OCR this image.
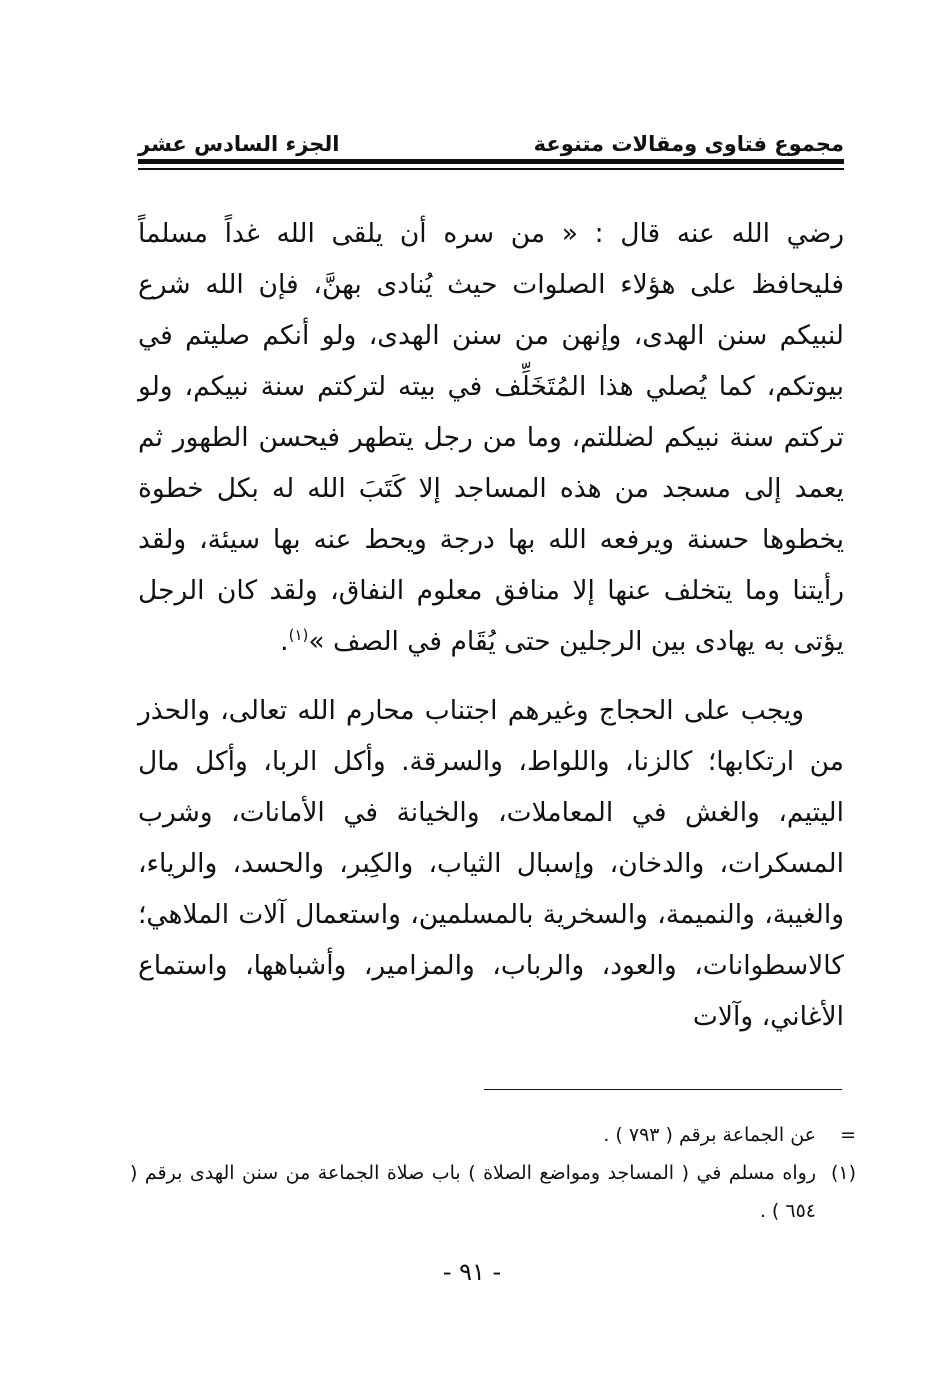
الجزء السادس عشر	مجموع فتاوى ومقالات متنوعة

رضي الله عنه قال : « من سره أن يلقى الله غداً مسلماً فليحافظ على هؤلاء الصلوات حيث يُنادى بهنَّ، فإن الله شرع لنبيكم سنن الهدى، وإنهن من سنن الهدى، ولو أنكم صليتم في بيوتكم، كما يُصلي هذا المُتَخَلِّف في بيته لتركتم سنة نبيكم، ولو تركتم سنة نبيكم لضللتم، وما من رجل يتطهر فيحسن الطهور ثم يعمد إلى مسجد من هذه المساجد إلا كَتَبَ الله له بكل خطوة يخطوها حسنة ويرفعه الله بها درجة ويحط عنه بها سيئة، ولقد رأيتنا وما يتخلف عنها إلا منافق معلوم النفاق، ولقد كان الرجل يؤتى به يهادى بين الرجلين حتى يُقَام في الصف »$^{(١)}$.

ويجب على الحجاج وغيرهم اجتناب محارم الله تعالى، والحذر من ارتكابها؛ كالزنا، واللواط، والسرقة. وأكل الربا، وأكل مال اليتيم، والغش في المعاملات، والخيانة في الأمانات، وشرب المسكرات، والدخان، وإسبال الثياب، والكِبر، والحسد، والرياء، والغيبة، والنميمة، والسخرية بالمسلمين، واستعمال آلات الملاهي؛ كالاسطوانات، والعود، والرباب، والمزامير، وأشباهها، واستماع الأغاني، وآلات

=
عن الجماعة برقم ( ٧٩٣ ) .
(١)
رواه مسلم في ( المساجد ومواضع الصلاة ) باب صلاة الجماعة من سنن الهدى برقم ( ٦٥٤ ) .
- ٩١ -
